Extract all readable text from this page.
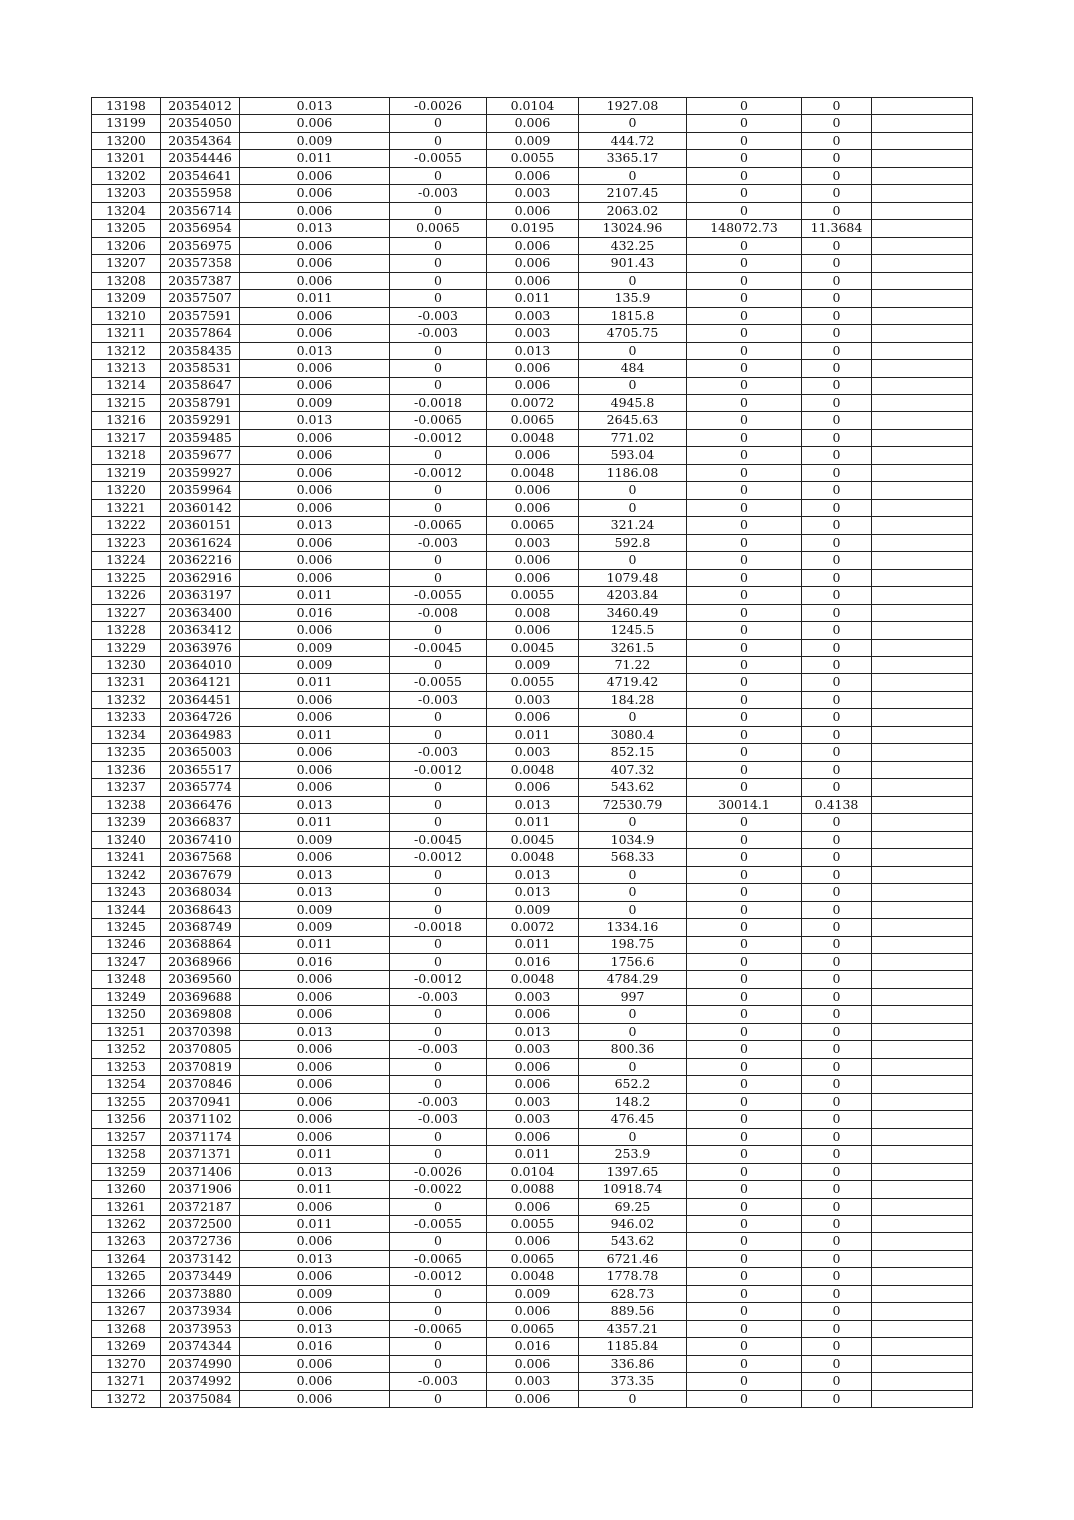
13198	20354012	0.013	-0.0026	0.0104	1927.08	0	0	
13199	20354050	0.006	0	0.006	0	0	0	
13200	20354364	0.009	0	0.009	444.72	0	0	
13201	20354446	0.011	-0.0055	0.0055	3365.17	0	0	
13202	20354641	0.006	0	0.006	0	0	0	
13203	20355958	0.006	-0.003	0.003	2107.45	0	0	
13204	20356714	0.006	0	0.006	2063.02	0	0	
13205	20356954	0.013	0.0065	0.0195	13024.96	148072.73	11.3684	
13206	20356975	0.006	0	0.006	432.25	0	0	
13207	20357358	0.006	0	0.006	901.43	0	0	
13208	20357387	0.006	0	0.006	0	0	0	
13209	20357507	0.011	0	0.011	135.9	0	0	
13210	20357591	0.006	-0.003	0.003	1815.8	0	0	
13211	20357864	0.006	-0.003	0.003	4705.75	0	0	
13212	20358435	0.013	0	0.013	0	0	0	
13213	20358531	0.006	0	0.006	484	0	0	
13214	20358647	0.006	0	0.006	0	0	0	
13215	20358791	0.009	-0.0018	0.0072	4945.8	0	0	
13216	20359291	0.013	-0.0065	0.0065	2645.63	0	0	
13217	20359485	0.006	-0.0012	0.0048	771.02	0	0	
13218	20359677	0.006	0	0.006	593.04	0	0	
13219	20359927	0.006	-0.0012	0.0048	1186.08	0	0	
13220	20359964	0.006	0	0.006	0	0	0	
13221	20360142	0.006	0	0.006	0	0	0	
13222	20360151	0.013	-0.0065	0.0065	321.24	0	0	
13223	20361624	0.006	-0.003	0.003	592.8	0	0	
13224	20362216	0.006	0	0.006	0	0	0	
13225	20362916	0.006	0	0.006	1079.48	0	0	
13226	20363197	0.011	-0.0055	0.0055	4203.84	0	0	
13227	20363400	0.016	-0.008	0.008	3460.49	0	0	
13228	20363412	0.006	0	0.006	1245.5	0	0	
13229	20363976	0.009	-0.0045	0.0045	3261.5	0	0	
13230	20364010	0.009	0	0.009	71.22	0	0	
13231	20364121	0.011	-0.0055	0.0055	4719.42	0	0	
13232	20364451	0.006	-0.003	0.003	184.28	0	0	
13233	20364726	0.006	0	0.006	0	0	0	
13234	20364983	0.011	0	0.011	3080.4	0	0	
13235	20365003	0.006	-0.003	0.003	852.15	0	0	
13236	20365517	0.006	-0.0012	0.0048	407.32	0	0	
13237	20365774	0.006	0	0.006	543.62	0	0	
13238	20366476	0.013	0	0.013	72530.79	30014.1	0.4138	
13239	20366837	0.011	0	0.011	0	0	0	
13240	20367410	0.009	-0.0045	0.0045	1034.9	0	0	
13241	20367568	0.006	-0.0012	0.0048	568.33	0	0	
13242	20367679	0.013	0	0.013	0	0	0	
13243	20368034	0.013	0	0.013	0	0	0	
13244	20368643	0.009	0	0.009	0	0	0	
13245	20368749	0.009	-0.0018	0.0072	1334.16	0	0	
13246	20368864	0.011	0	0.011	198.75	0	0	
13247	20368966	0.016	0	0.016	1756.6	0	0	
13248	20369560	0.006	-0.0012	0.0048	4784.29	0	0	
13249	20369688	0.006	-0.003	0.003	997	0	0	
13250	20369808	0.006	0	0.006	0	0	0	
13251	20370398	0.013	0	0.013	0	0	0	
13252	20370805	0.006	-0.003	0.003	800.36	0	0	
13253	20370819	0.006	0	0.006	0	0	0	
13254	20370846	0.006	0	0.006	652.2	0	0	
13255	20370941	0.006	-0.003	0.003	148.2	0	0	
13256	20371102	0.006	-0.003	0.003	476.45	0	0	
13257	20371174	0.006	0	0.006	0	0	0	
13258	20371371	0.011	0	0.011	253.9	0	0	
13259	20371406	0.013	-0.0026	0.0104	1397.65	0	0	
13260	20371906	0.011	-0.0022	0.0088	10918.74	0	0	
13261	20372187	0.006	0	0.006	69.25	0	0	
13262	20372500	0.011	-0.0055	0.0055	946.02	0	0	
13263	20372736	0.006	0	0.006	543.62	0	0	
13264	20373142	0.013	-0.0065	0.0065	6721.46	0	0	
13265	20373449	0.006	-0.0012	0.0048	1778.78	0	0	
13266	20373880	0.009	0	0.009	628.73	0	0	
13267	20373934	0.006	0	0.006	889.56	0	0	
13268	20373953	0.013	-0.0065	0.0065	4357.21	0	0	
13269	20374344	0.016	0	0.016	1185.84	0	0	
13270	20374990	0.006	0	0.006	336.86	0	0	
13271	20374992	0.006	-0.003	0.003	373.35	0	0	
13272	20375084	0.006	0	0.006	0	0	0	
